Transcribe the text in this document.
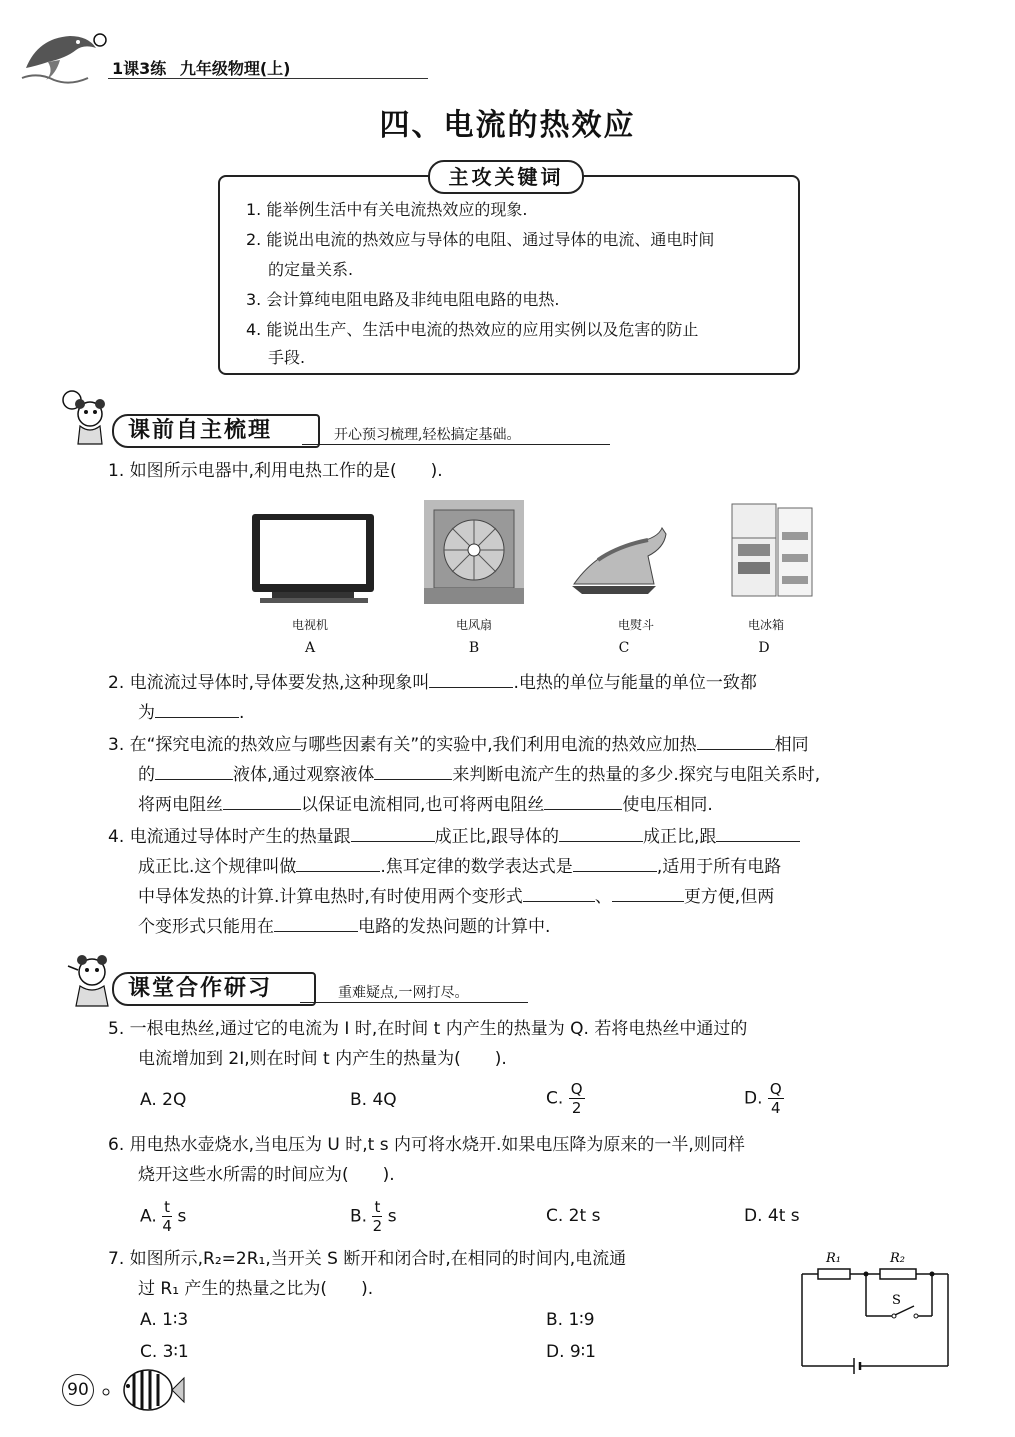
1课3练 九年级物理(上)
四、电流的热效应
主攻关键词
1. 能举例生活中有关电流热效应的现象.
2. 能说出电流的热效应与导体的电阻、通过导体的电流、通电时间
的定量关系.
3. 会计算纯电阻电路及非纯电阻电路的电热.
4. 能说出生产、生活中电流的热效应的应用实例以及危害的防止
手段.
课前自主梳理	开心预习梳理,轻松搞定基础。
1. 如图所示电器中,利用电热工作的是(　　).
电视机	电风扇	电熨斗	电冰箱
A	B	C	D
2. 电流流过导体时,导体要发热,这种现象叫	.电热的单位与能量的单位一致都
为	.
3. 在“探究电流的热效应与哪些因素有关”的实验中,我们利用电流的热效应加热	相同
的	液体,通过观察液体	来判断电流产生的热量的多少.探究与电阻关系时,
将两电阻丝	以保证电流相同,也可将两电阻丝	使电压相同.
4. 电流通过导体时产生的热量跟	成正比,跟导体的	成正比,跟
成正比.这个规律叫做	.焦耳定律的数学表达式是	,适用于所有电路
中导体发热的计算.计算电热时,有时使用两个变形式	、	更方便,但两
个变形式只能用在	电路的发热问题的计算中.
课堂合作研习	重难疑点,一网打尽。
5. 一根电热丝,通过它的电流为 I 时,在时间 t 内产生的热量为 Q. 若将电热丝中通过的
电流增加到 2I,则在时间 t 内产生的热量为(　　).
A. 2Q	B. 4Q	C. $\frac{Q}{2}$	D. $\frac{Q}{4}$
6. 用电热水壶烧水,当电压为 U 时,t s 内可将水烧开.如果电压降为原来的一半,则同样
烧开这些水所需的时间应为(　　).
A. $\frac{t}{4}$ s	B. $\frac{t}{2}$ s	C. 2t s	D. 4t s
7. 如图所示,R₂=2R₁,当开关 S 断开和闭合时,在相同的时间内,电流通
过 R₁ 产生的热量之比为(　　).
A. 1∶3	B. 1∶9
C. 3∶1	D. 9∶1
R₁	R₂
S
90
